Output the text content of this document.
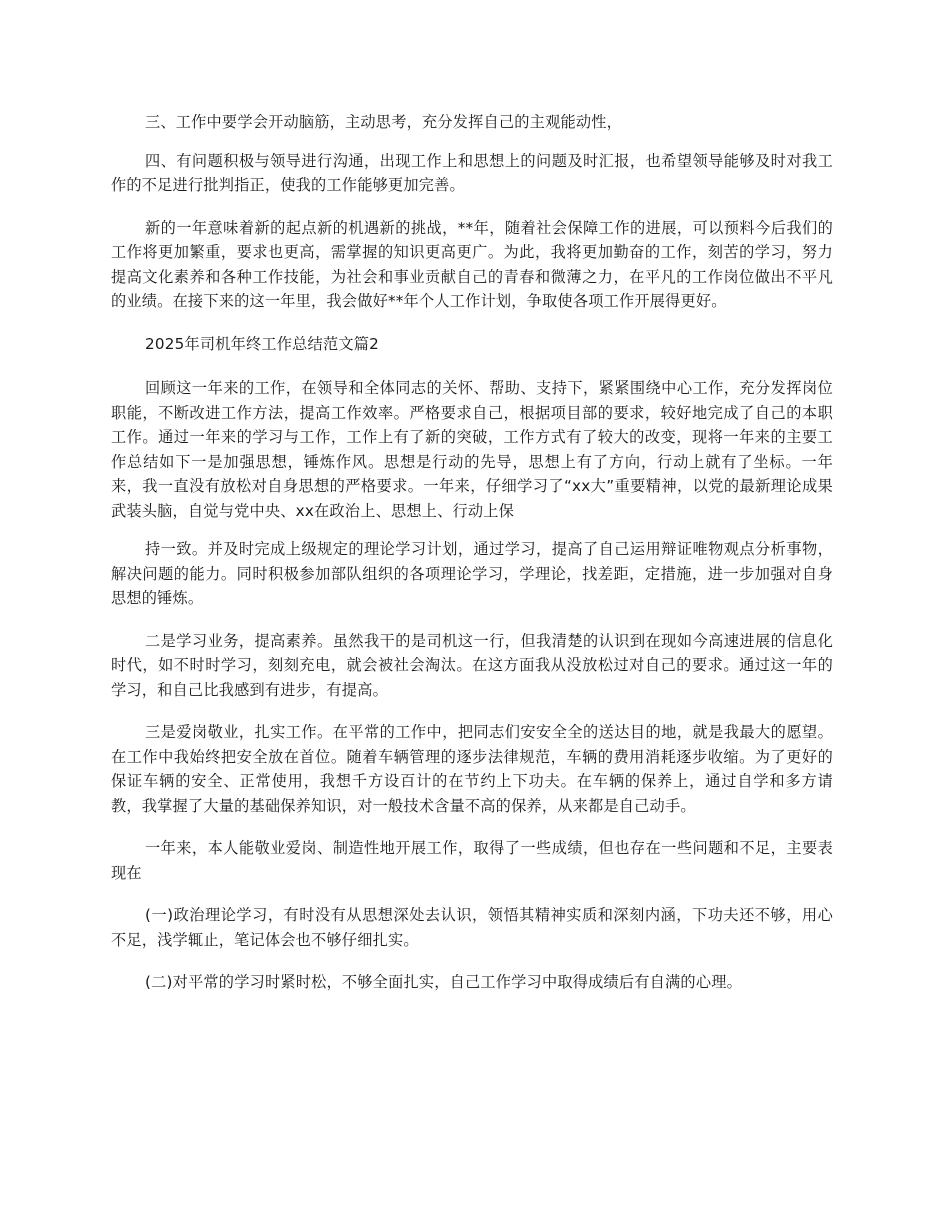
三、工作中要学会开动脑筋，主动思考，充分发挥自己的主观能动性，

四、有问题积极与领导进行沟通，出现工作上和思想上的问题及时汇报，也希望领导能够及时对我工作的不足进行批判指正，使我的工作能够更加完善。

新的一年意味着新的起点新的机遇新的挑战，**年，随着社会保障工作的进展，可以预料今后我们的工作将更加繁重，要求也更高，需掌握的知识更高更广。为此，我将更加勤奋的工作，刻苦的学习，努力提高文化素养和各种工作技能，为社会和事业贡献自己的青春和微薄之力，在平凡的工作岗位做出不平凡的业绩。在接下来的这一年里，我会做好**年个人工作计划，争取使各项工作开展得更好。

2025年司机年终工作总结范文篇2

回顾这一年来的工作，在领导和全体同志的关怀、帮助、支持下，紧紧围绕中心工作，充分发挥岗位职能，不断改进工作方法，提高工作效率。严格要求自己，根据项目部的要求，较好地完成了自己的本职工作。通过一年来的学习与工作，工作上有了新的突破，工作方式有了较大的改变，现将一年来的主要工作总结如下一是加强思想，锤炼作风。思想是行动的先导，思想上有了方向，行动上就有了坐标。一年来，我一直没有放松对自身思想的严格要求。一年来，仔细学习了“xx大”重要精神，以党的最新理论成果武装头脑，自觉与党中央、xx在政治上、思想上、行动上保

持一致。并及时完成上级规定的理论学习计划，通过学习，提高了自己运用辩证唯物观点分析事物，解决问题的能力。同时积极参加部队组织的各项理论学习，学理论，找差距，定措施，进一步加强对自身思想的锤炼。

二是学习业务，提高素养。虽然我干的是司机这一行，但我清楚的认识到在现如今高速进展的信息化时代，如不时时学习，刻刻充电，就会被社会淘汰。在这方面我从没放松过对自己的要求。通过这一年的学习，和自己比我感到有进步，有提高。

三是爱岗敬业，扎实工作。在平常的工作中，把同志们安安全全的送达目的地，就是我最大的愿望。在工作中我始终把安全放在首位。随着车辆管理的逐步法律规范，车辆的费用消耗逐步收缩。为了更好的保证车辆的安全、正常使用，我想千方设百计的在节约上下功夫。在车辆的保养上，通过自学和多方请教，我掌握了大量的基础保养知识，对一般技术含量不高的保养，从来都是自己动手。

一年来，本人能敬业爱岗、制造性地开展工作，取得了一些成绩，但也存在一些问题和不足，主要表现在

(一)政治理论学习，有时没有从思想深处去认识，领悟其精神实质和深刻内涵，下功夫还不够，用心不足，浅学辄止，笔记体会也不够仔细扎实。

(二)对平常的学习时紧时松，不够全面扎实，自己工作学习中取得成绩后有自满的心理。
